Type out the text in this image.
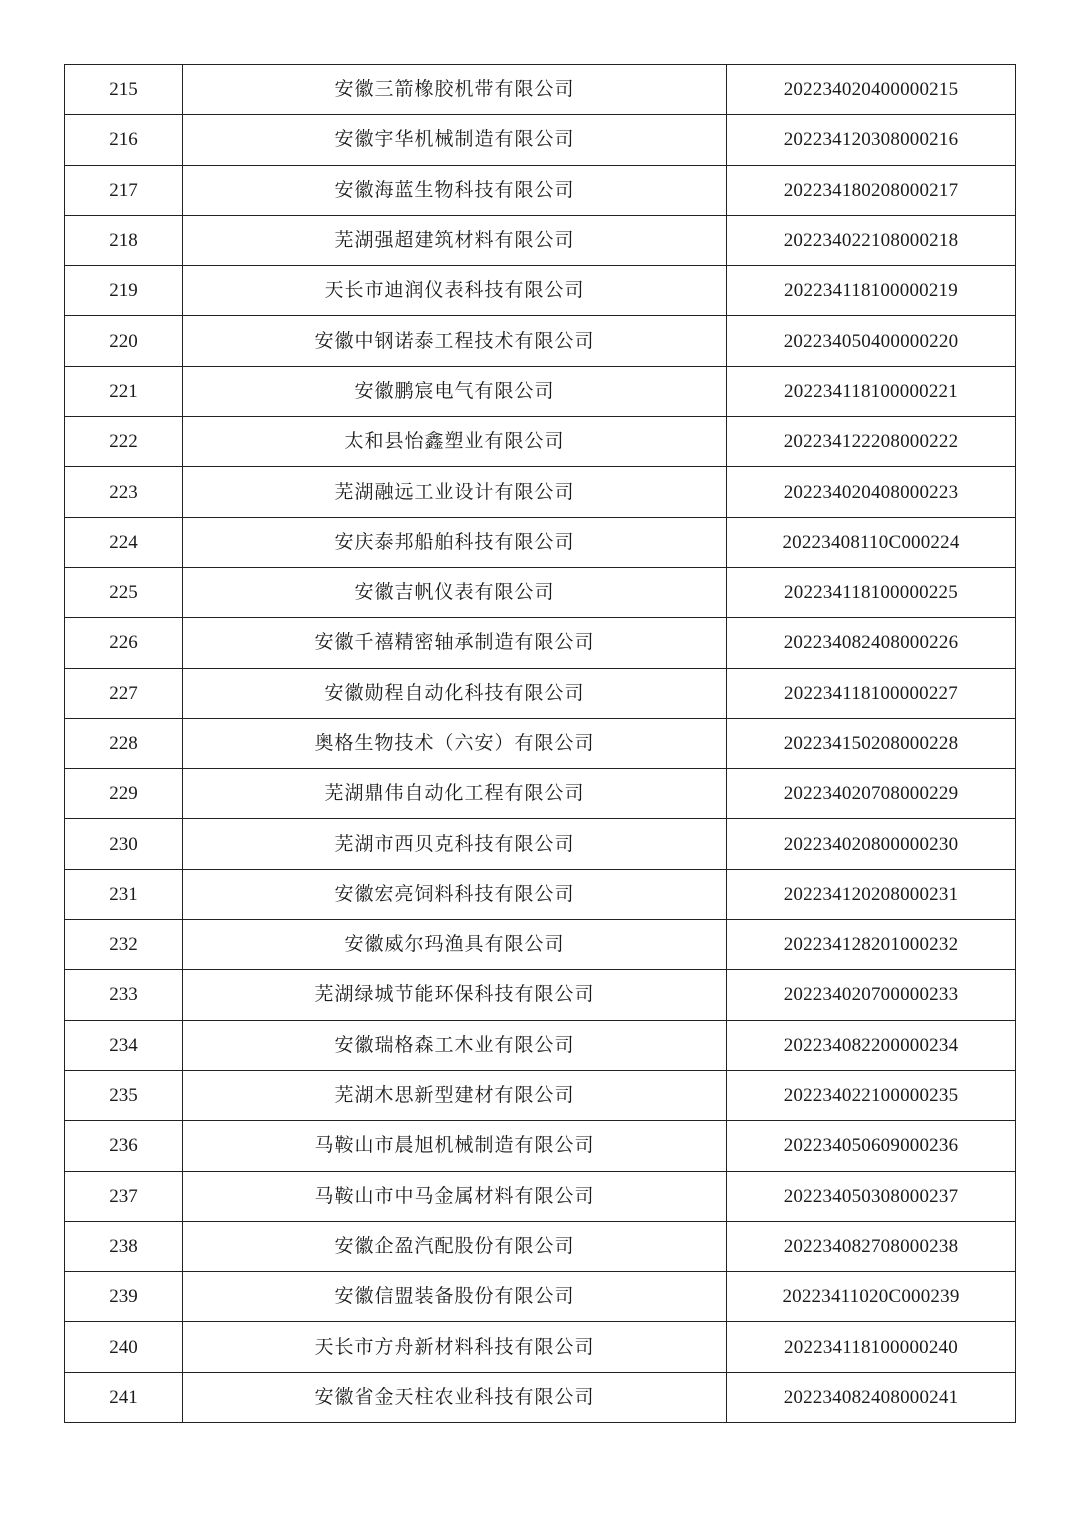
215	安徽三箭橡胶机带有限公司	202234020400000215
216	安徽宇华机械制造有限公司	202234120308000216
217	安徽海蓝生物科技有限公司	202234180208000217
218	芜湖强超建筑材料有限公司	202234022108000218
219	天长市迪润仪表科技有限公司	202234118100000219
220	安徽中钢诺泰工程技术有限公司	202234050400000220
221	安徽鹏宸电气有限公司	202234118100000221
222	太和县怡鑫塑业有限公司	202234122208000222
223	芜湖融远工业设计有限公司	202234020408000223
224	安庆泰邦船舶科技有限公司	20223408110C000224
225	安徽吉帆仪表有限公司	202234118100000225
226	安徽千禧精密轴承制造有限公司	202234082408000226
227	安徽勋程自动化科技有限公司	202234118100000227
228	奥格生物技术（六安）有限公司	202234150208000228
229	芜湖鼎伟自动化工程有限公司	202234020708000229
230	芜湖市西贝克科技有限公司	202234020800000230
231	安徽宏亮饲料科技有限公司	202234120208000231
232	安徽威尔玛渔具有限公司	202234128201000232
233	芜湖绿城节能环保科技有限公司	202234020700000233
234	安徽瑞格森工木业有限公司	202234082200000234
235	芜湖木思新型建材有限公司	202234022100000235
236	马鞍山市晨旭机械制造有限公司	202234050609000236
237	马鞍山市中马金属材料有限公司	202234050308000237
238	安徽企盈汽配股份有限公司	202234082708000238
239	安徽信盟装备股份有限公司	20223411020C000239
240	天长市方舟新材料科技有限公司	202234118100000240
241	安徽省金天柱农业科技有限公司	202234082408000241
